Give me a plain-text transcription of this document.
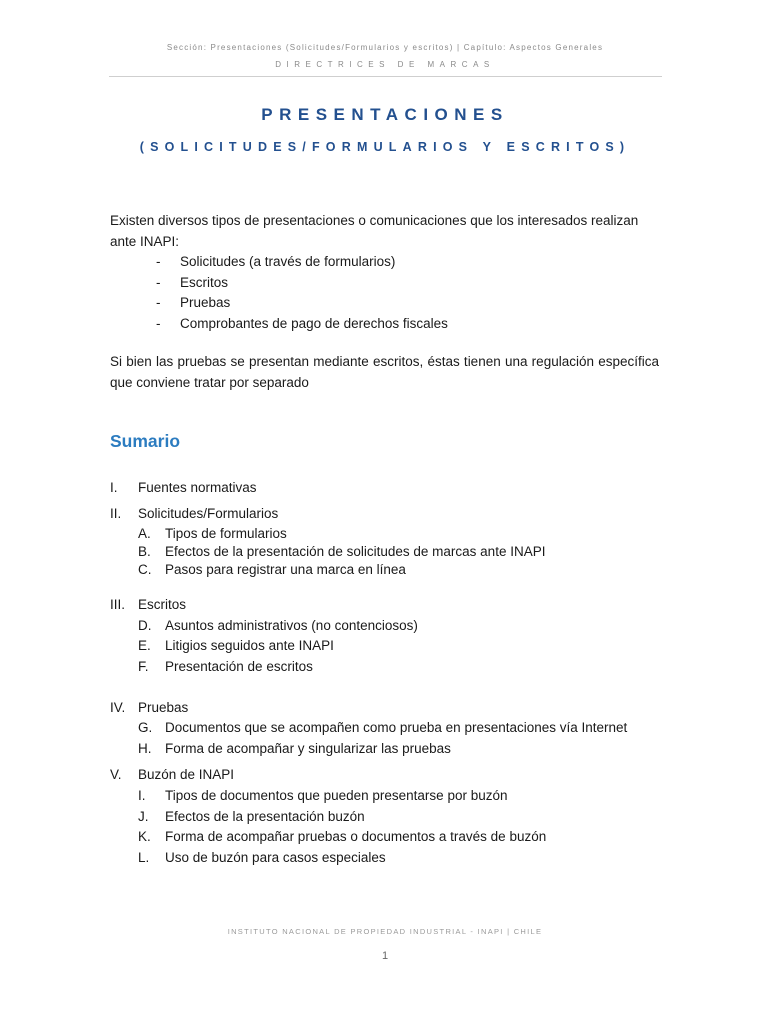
Sección: Presentaciones (Solicitudes/Formularios y escritos) | Capítulo: Aspectos Generales
DIRECTRICES DE MARCAS
PRESENTACIONES
(SOLICITUDES/FORMULARIOS Y ESCRITOS)
Existen diversos tipos de presentaciones o comunicaciones que los interesados realizan ante INAPI:
- Solicitudes (a través de formularios)
- Escritos
- Pruebas
- Comprobantes de pago de derechos fiscales
Si bien las pruebas se presentan mediante escritos, éstas tienen una regulación específica que conviene tratar por separado
Sumario
I. Fuentes normativas
II. Solicitudes/Formularios
A. Tipos de formularios
B. Efectos de la presentación de solicitudes de marcas ante INAPI
C. Pasos para registrar una marca en línea
III. Escritos
D. Asuntos administrativos (no contenciosos)
E. Litigios seguidos ante INAPI
F. Presentación de escritos
IV. Pruebas
G. Documentos que se acompañen como prueba en presentaciones vía Internet
H. Forma de acompañar y singularizar las pruebas
V. Buzón de INAPI
I. Tipos de documentos que pueden presentarse por buzón
J. Efectos de la presentación buzón
K. Forma de acompañar pruebas o documentos a través de buzón
L. Uso de buzón para casos especiales
INSTITUTO NACIONAL DE PROPIEDAD INDUSTRIAL - INAPI | CHILE
1
